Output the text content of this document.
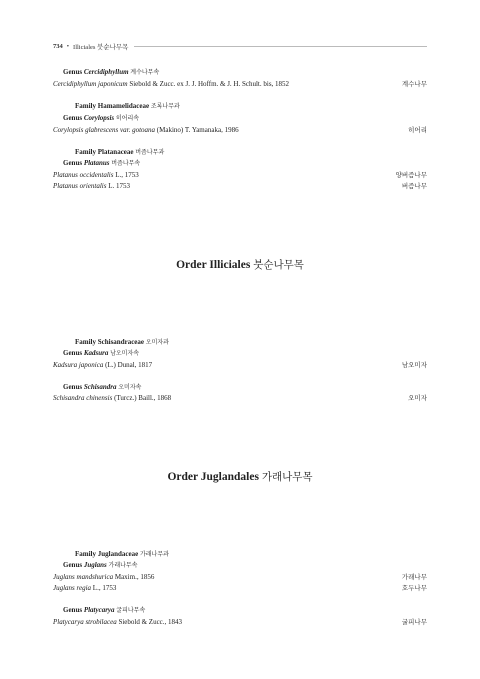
734 • Illiciales 붓순나무목
Genus Cercidiphyllum 계수나무속
Cercidiphyllum japonicum Siebold & Zucc. ex J. J. Hoffm. & J. H. Schult. bis, 1852	계수나무
Family Hamamelidaceae 조록나무과
Genus Corylopsis 히어리속
Corylopsis glabrescens var. gotoana (Makino) T. Yamanaka, 1986	히어리
Family Platanaceae 버즘나무과
Genus Platanus 버즘나무속
Platanus occidentalis L., 1753	양버즘나무
Platanus orientalis L. 1753	버즘나무
Order Illiciales 붓순나무목
Family Schisandraceae 오미자과
Genus Kadsura 남오미자속
Kadsura japonica (L.) Dunal, 1817	남오미자
Genus Schisandra 오미자속
Schisandra chinensis (Turcz.) Baill., 1868	오미자
Order Juglandales 가래나무목
Family Juglandaceae 가래나무과
Genus Juglans 가래나무속
Juglans mandshurica Maxim., 1856	가래나무
Juglans regia L., 1753	호두나무
Genus Platycarya 굴피나무속
Platycarya strobilacea Siebold & Zucc., 1843	굴피나무
